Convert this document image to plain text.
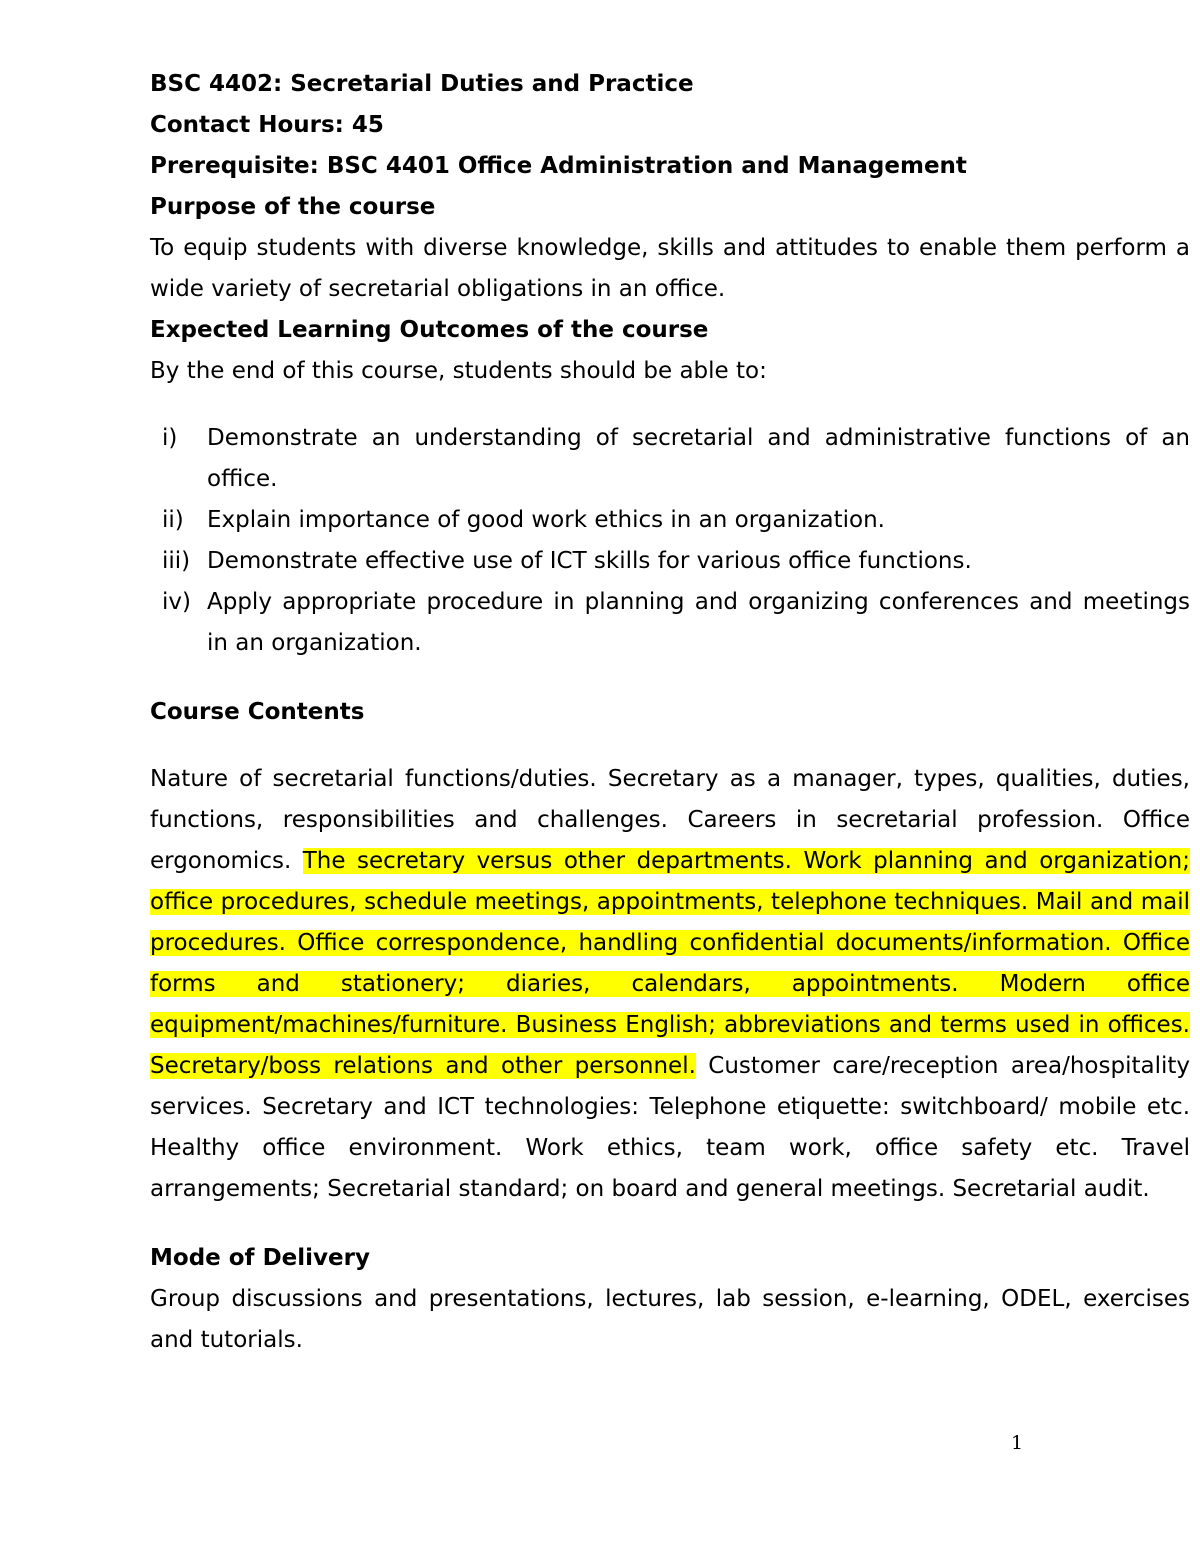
BSC 4402: Secretarial Duties and Practice

Contact Hours: 45

Prerequisite: BSC 4401 Office Administration and Management

Purpose of the course

To equip students with diverse knowledge, skills and attitudes to enable them perform a wide variety of secretarial obligations in an office.

Expected Learning Outcomes of the course

By the end of this course, students should be able to:

i) Demonstrate an understanding of secretarial and administrative functions of an office.
ii) Explain importance of good work ethics in an organization.
iii) Demonstrate effective use of ICT skills for various office functions.
iv) Apply appropriate procedure in planning and organizing conferences and meetings in an organization.

Course Contents

Nature of secretarial functions/duties. Secretary as a manager, types, qualities, duties, functions, responsibilities and challenges. Careers in secretarial profession. Office ergonomics. The secretary versus other departments. Work planning and organization; office procedures, schedule meetings, appointments, telephone techniques. Mail and mail procedures. Office correspondence, handling confidential documents/information. Office forms and stationery; diaries, calendars, appointments. Modern office equipment/machines/furniture. Business English; abbreviations and terms used in offices. Secretary/boss relations and other personnel. Customer care/reception area/hospitality services. Secretary and ICT technologies: Telephone etiquette: switchboard/ mobile etc. Healthy office environment. Work ethics, team work, office safety etc. Travel arrangements; Secretarial standard; on board and general meetings. Secretarial audit.

Mode of Delivery

Group discussions and presentations, lectures, lab session, e-learning, ODEL, exercises and tutorials.

1
